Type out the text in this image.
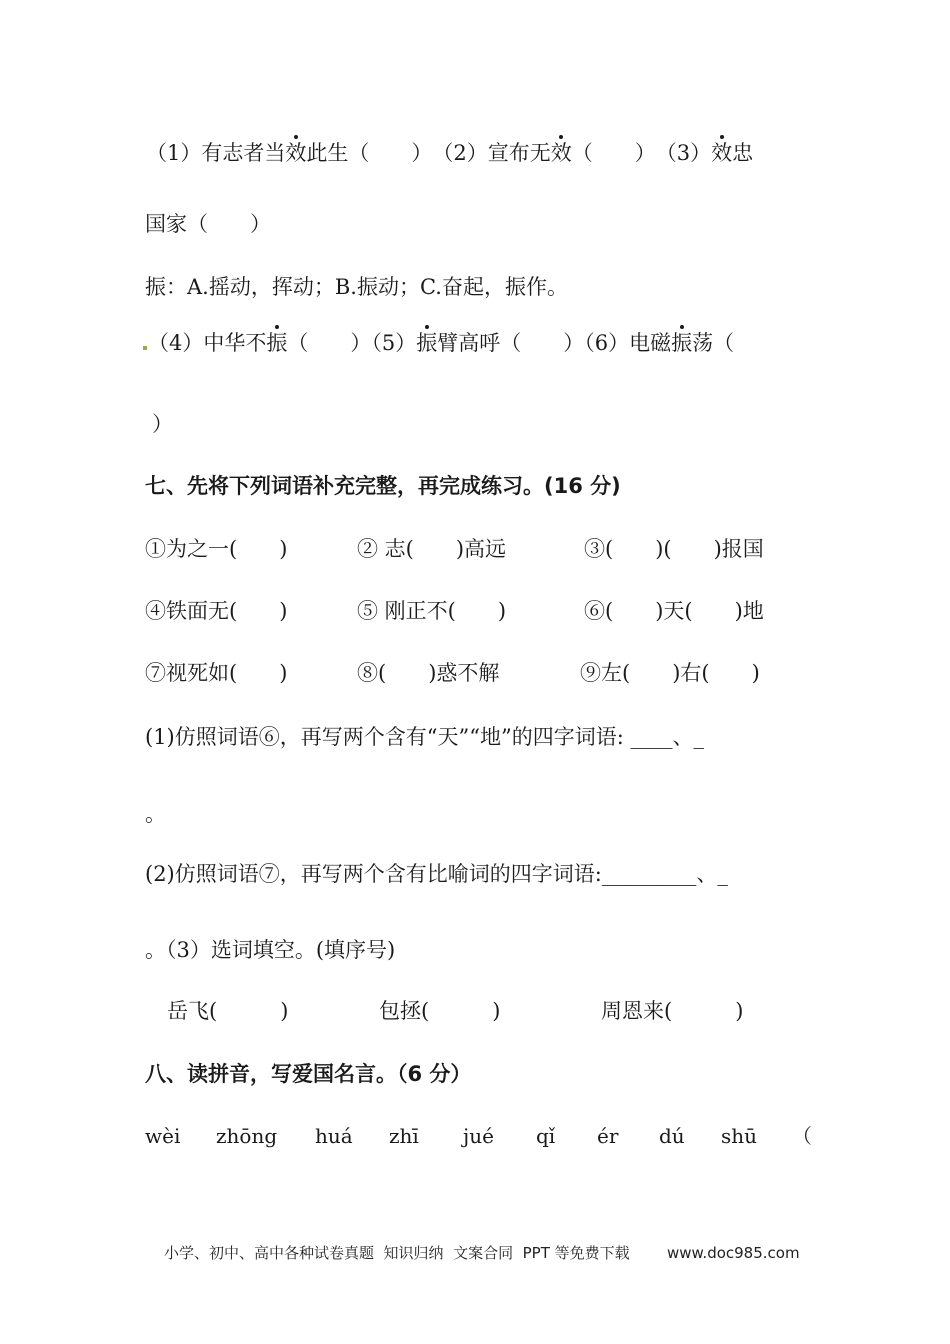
（1）有志者当效此生（　　）　（2）宣布无效（　　）　（3）效忠
国家（　　）
振：A.摇动，挥动；B.振动；C.奋起，振作。
（4）中华不振（　　）（5）振臂高呼（　　）（6）电磁振荡（
）
七、先将下列词语补充完整，再完成练习。(16 分)
①为之一(　　)	② 志(　　)高远	③(　　)(　　)报国
④铁面无(　　)	⑤ 刚正不(　　)	⑥(　　)天(　　)地
⑦视死如(　　)	⑧(　　)惑不解	⑨左(　　)右(　　)
(1)仿照词语⑥，再写两个含有“天”“地”的四字词语: ____、_
。
(2)仿照词语⑦，再写两个含有比喻词的四字词语:_________、_
。（3）选词填空。(填序号)
岳飞(　　　)	包拯(　　　)	周恩来(　　　)
八、读拼音，写爱国名言。（6 分）
wèi zhōng huá zhī jué qǐ ér dú shū （
小学、初中、高中各种试卷真题  知识归纳  文案合同  PPT 等免费下载 www.doc985.com
